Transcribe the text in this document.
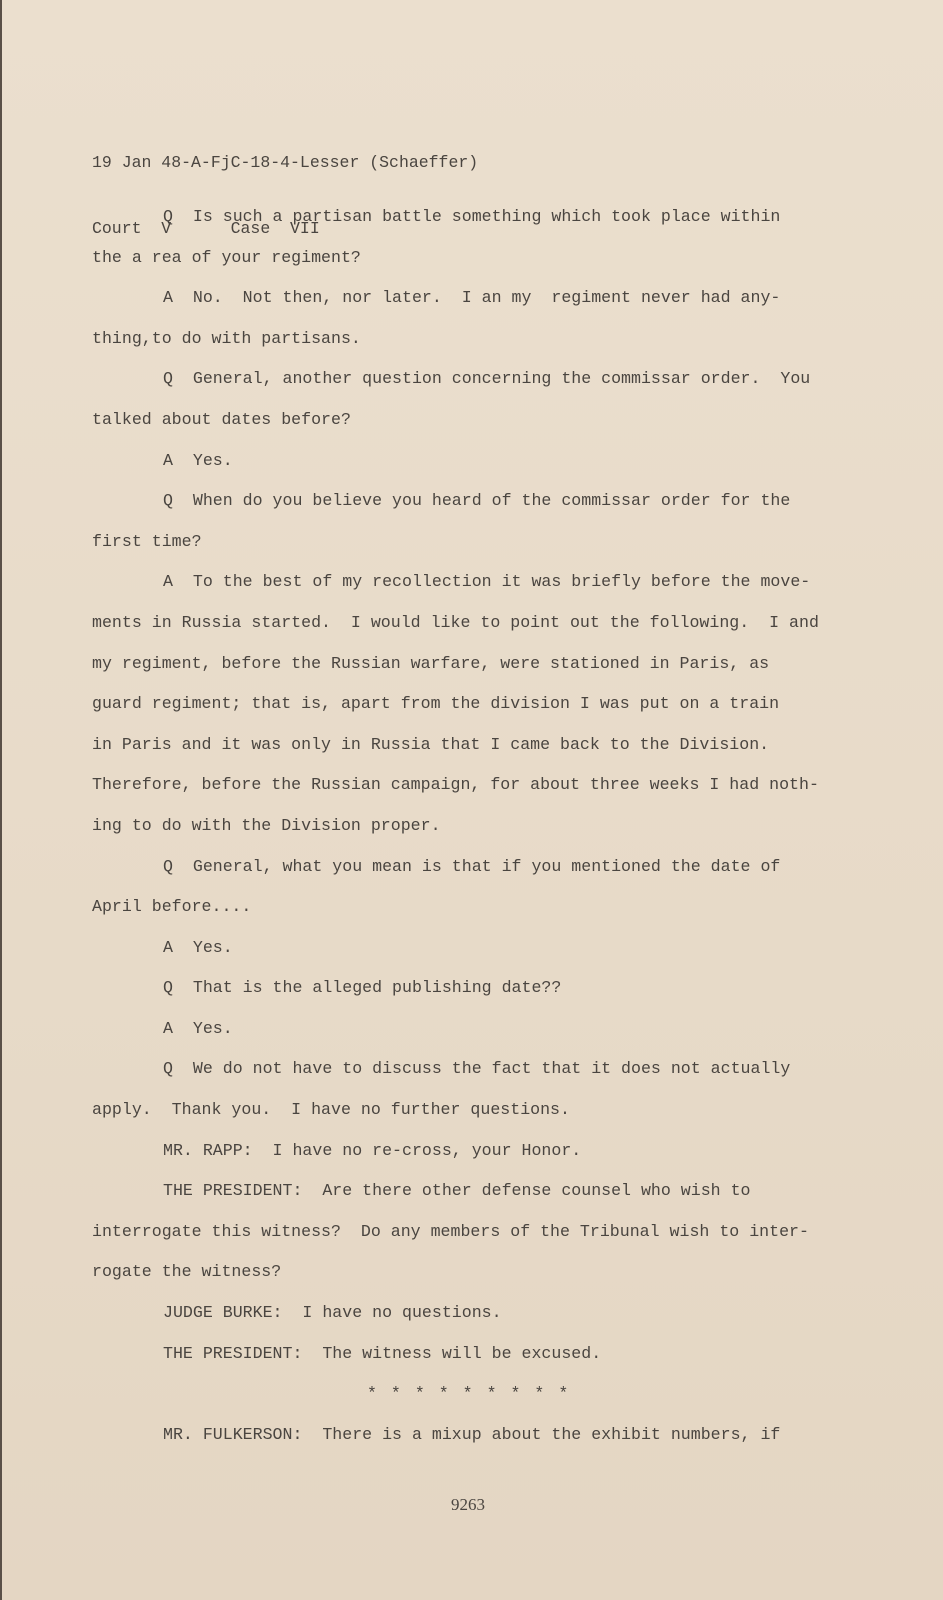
19 Jan 48-A-FjC-18-4-Lesser (Schaeffer)

Court  V      Case  VII

Q  Is such a partisan battle something which took place within
the a rea of your regiment?
A  No.  Not then, nor later.  I an my  regiment never had any-
thing,to do with partisans.
Q  General, another question concerning the commissar order.  You
talked about dates before?
A  Yes.
Q  When do you believe you heard of the commissar order for the
first time?
A  To the best of my recollection it was briefly before the move-
ments in Russia started.  I would like to point out the following.  I and
my regiment, before the Russian warfare, were stationed in Paris, as
guard regiment; that is, apart from the division I was put on a train
in Paris and it was only in Russia that I came back to the Division.
Therefore, before the Russian campaign, for about three weeks I had noth-
ing to do with the Division proper.
Q  General, what you mean is that if you mentioned the date of
April before....
A  Yes.
Q  That is the alleged publishing date??
A  Yes.
Q  We do not have to discuss the fact that it does not actually
apply.  Thank you.  I have no further questions.
MR. RAPP:  I have no re-cross, your Honor.
THE PRESIDENT:  Are there other defense counsel who wish to
interrogate this witness?  Do any members of the Tribunal wish to inter-
rogate the witness?
JUDGE BURKE:  I have no questions.
THE PRESIDENT:  The witness will be excused.
* * * * * * * * *
MR. FULKERSON:  There is a mixup about the exhibit numbers, if
9263
